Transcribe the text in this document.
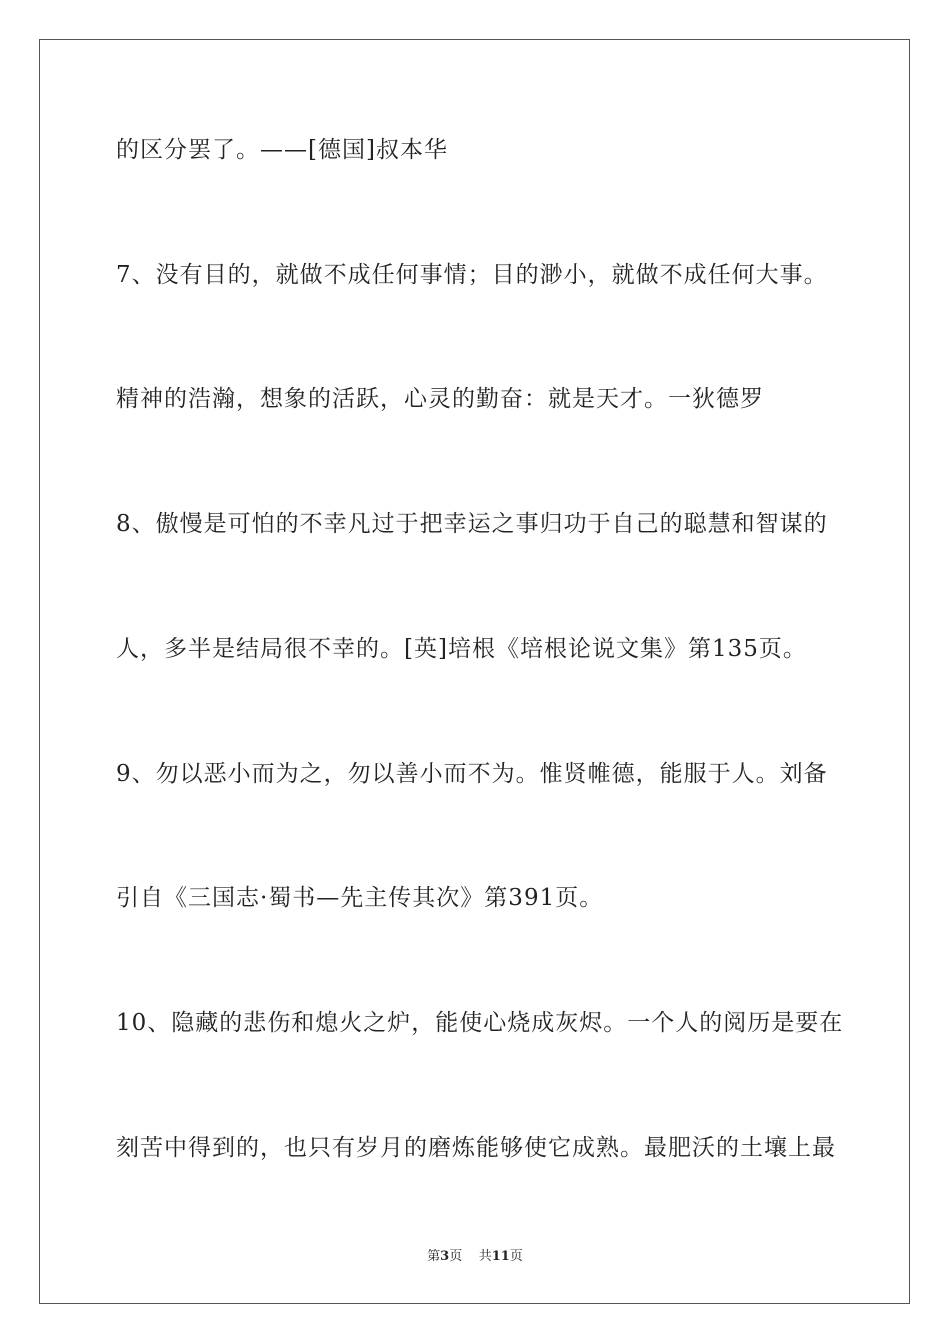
的区分罢了。——[德国]叔本华
7、没有目的，就做不成任何事情；目的渺小，就做不成任何大事。
精神的浩瀚，想象的活跃，心灵的勤奋：就是天才。一狄德罗
8、傲慢是可怕的不幸凡过于把幸运之事归功于自己的聪慧和智谋的
人，多半是结局很不幸的。[英]培根《培根论说文集》第135页。
9、勿以恶小而为之，勿以善小而不为。惟贤帷德，能服于人。刘备
引自《三国志·蜀书—先主传其次》第391页。
10、隐藏的悲伤和熄火之炉，能使心烧成灰烬。一个人的阅历是要在
刻苦中得到的，也只有岁月的磨炼能够使它成熟。最肥沃的土壤上最
第3页 共11页
